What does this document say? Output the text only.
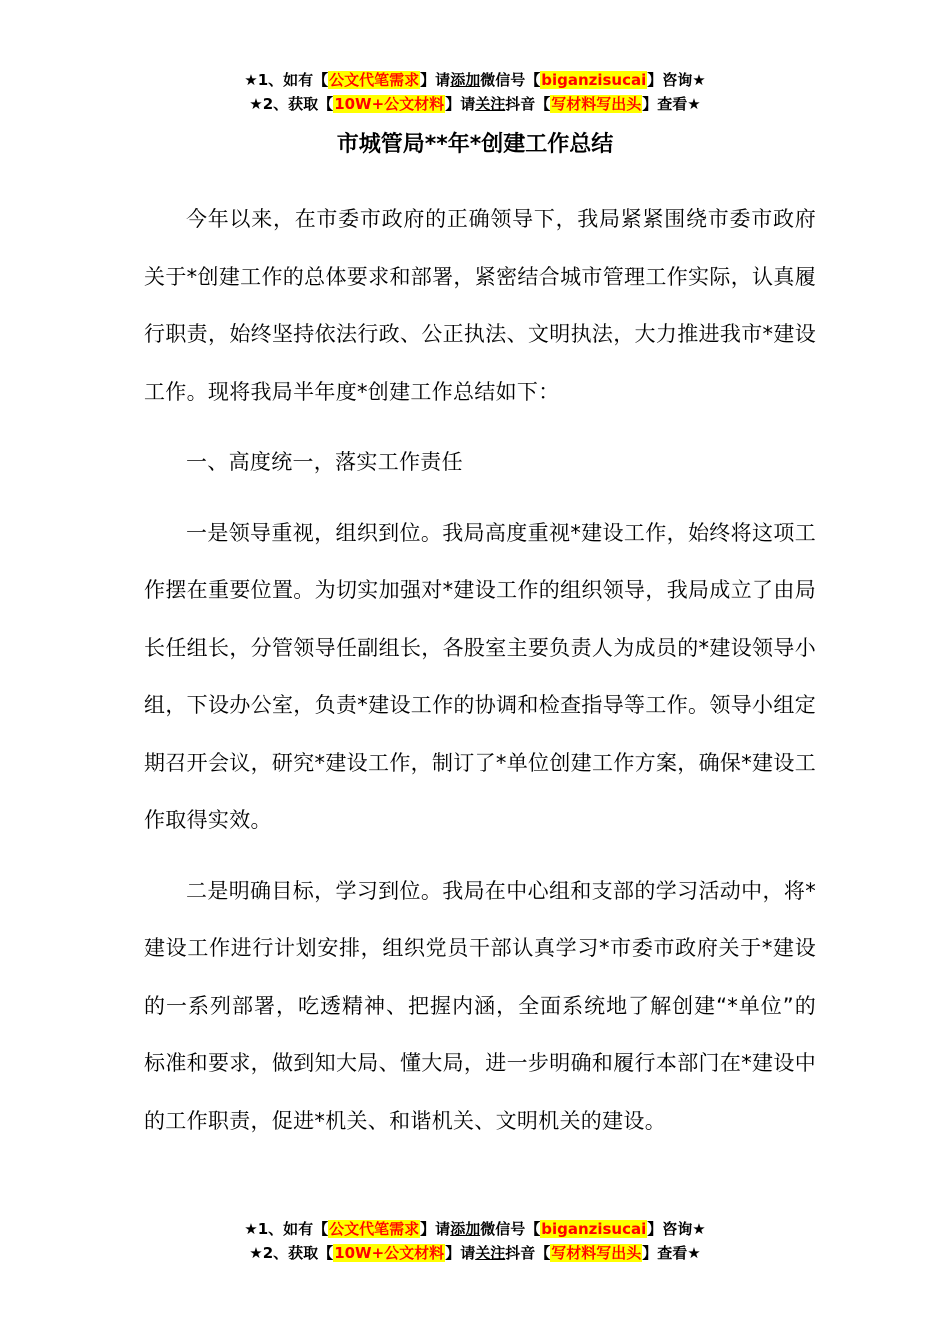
★1、如有【公文代笔需求】请添加微信号【biganzisucai】咨询★
★2、获取【10W+公文材料】请关注抖音【写材料写出头】查看★
市城管局**年*创建工作总结

今年以来，在市委市政府的正确领导下，我局紧紧围绕市委市政府关于*创建工作的总体要求和部署，紧密结合城市管理工作实际，认真履行职责，始终坚持依法行政、公正执法、文明执法，大力推进我市*建设工作。现将我局半年度*创建工作总结如下：

一、高度统一，落实工作责任

一是领导重视，组织到位。我局高度重视*建设工作，始终将这项工作摆在重要位置。为切实加强对*建设工作的组织领导，我局成立了由局长任组长，分管领导任副组长，各股室主要负责人为成员的*建设领导小组，下设办公室，负责*建设工作的协调和检查指导等工作。领导小组定期召开会议，研究*建设工作，制订了*单位创建工作方案，确保*建设工作取得实效。

二是明确目标，学习到位。我局在中心组和支部的学习活动中，将*建设工作进行计划安排，组织党员干部认真学习*市委市政府关于*建设的一系列部署，吃透精神、把握内涵，全面系统地了解创建“*单位”的标准和要求，做到知大局、懂大局，进一步明确和履行本部门在*建设中的工作职责，促进*机关、和谐机关、文明机关的建设。

★1、如有【公文代笔需求】请添加微信号【biganzisucai】咨询★
★2、获取【10W+公文材料】请关注抖音【写材料写出头】查看★
